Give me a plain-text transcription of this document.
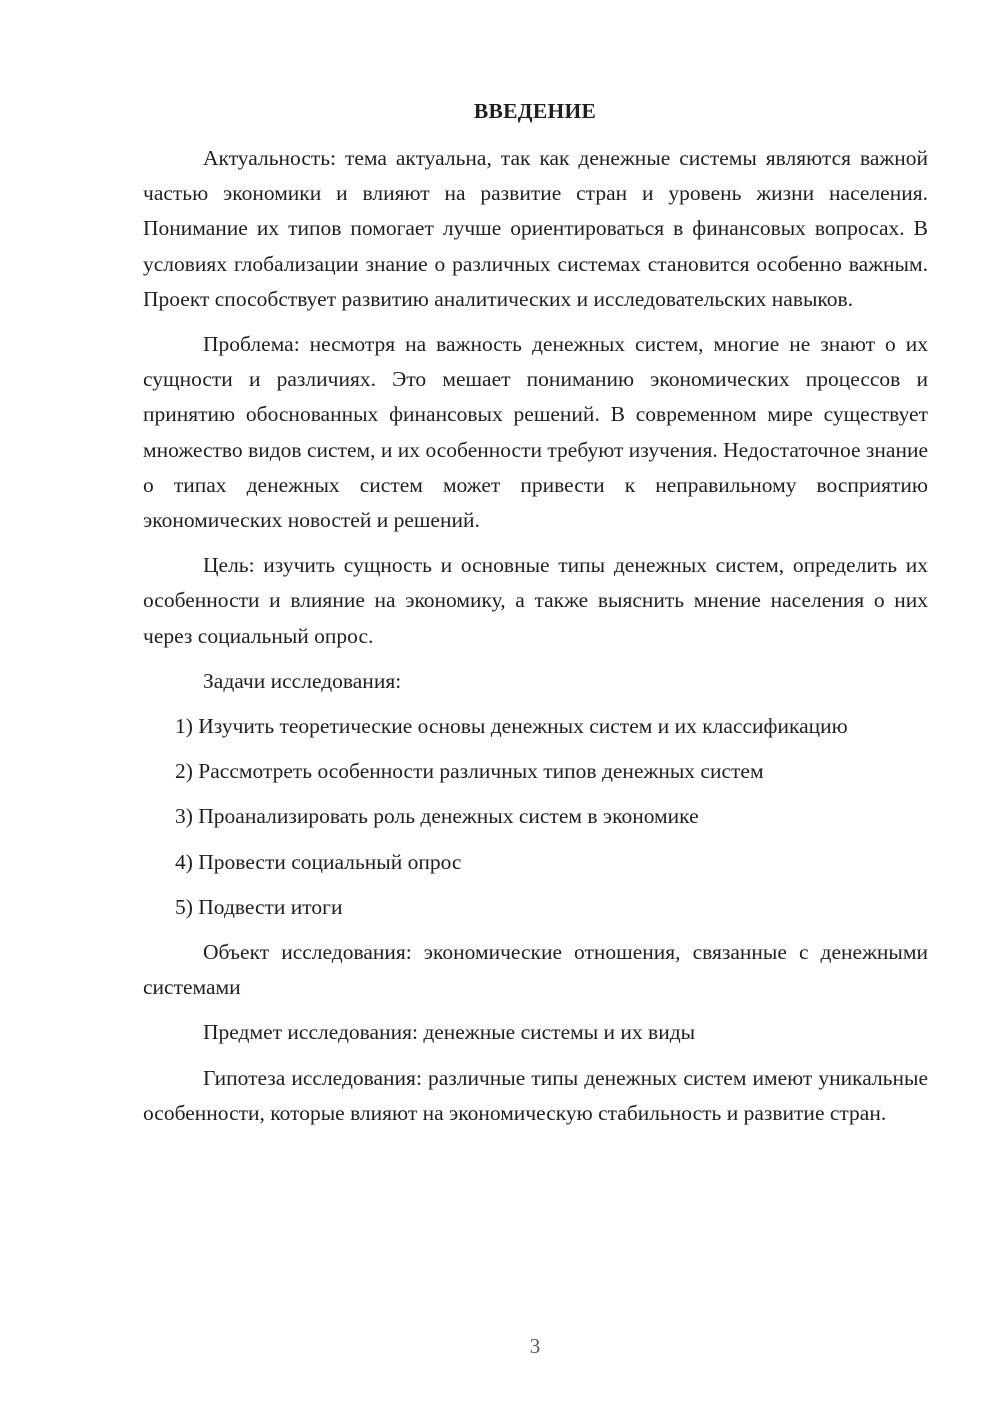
ВВЕДЕНИЕ

Актуальность: тема актуальна, так как денежные системы являются важной частью экономики и влияют на развитие стран и уровень жизни населения. Понимание их типов помогает лучше ориентироваться в финансовых вопросах. В условиях глобализации знание о различных системах становится особенно важным. Проект способствует развитию аналитических и исследовательских навыков.

Проблема: несмотря на важность денежных систем, многие не знают о их сущности и различиях. Это мешает пониманию экономических процессов и принятию обоснованных финансовых решений. В современном мире существует множество видов систем, и их особенности требуют изучения. Недостаточное знание о типах денежных систем может привести к неправильному восприятию экономических новостей и решений.

Цель: изучить сущность и основные типы денежных систем, определить их особенности и влияние на экономику, а также выяснить мнение населения о них через социальный опрос.

Задачи исследования:

1) Изучить теоретические основы денежных систем и их классификацию

2) Рассмотреть особенности различных типов денежных систем

3) Проанализировать роль денежных систем в экономике

4) Провести социальный опрос

5) Подвести итоги

Объект исследования: экономические отношения, связанные с денежными системами

Предмет исследования: денежные системы и их виды

Гипотеза исследования: различные типы денежных систем имеют уникальные особенности, которые влияют на экономическую стабильность и развитие стран.

3
